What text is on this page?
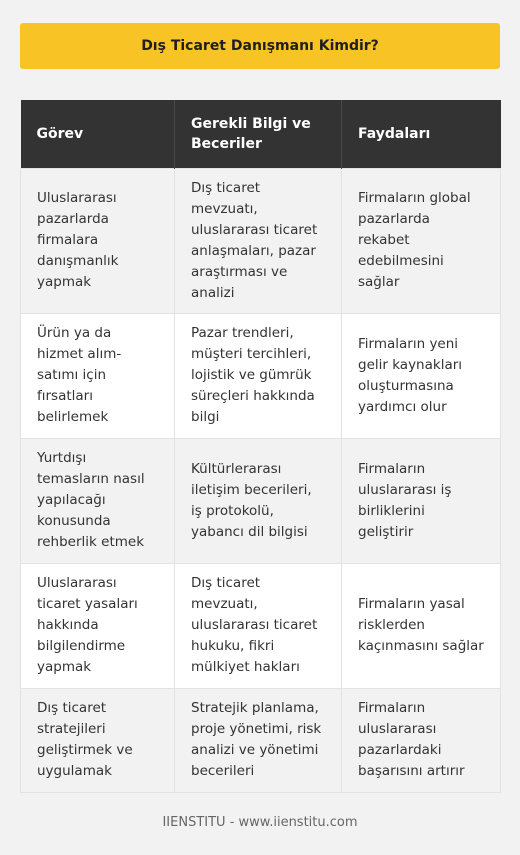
Dış Ticaret Danışmanı Kimdir?
Görev	Gerekli Bilgi ve Beceriler	Faydaları
Uluslararası pazarlarda firmalara danışmanlık yapmak	Dış ticaret mevzuatı, uluslararası ticaret anlaşmaları, pazar araştırması ve analizi	Firmaların global pazarlarda rekabet edebilmesini sağlar
Ürün ya da hizmet alım-satımı için fırsatları belirlemek	Pazar trendleri, müşteri tercihleri, lojistik ve gümrük süreçleri hakkında bilgi	Firmaların yeni gelir kaynakları oluşturmasına yardımcı olur
Yurtdışı temasların nasıl yapılacağı konusunda rehberlik etmek	Kültürlerarası iletişim becerileri, iş protokolü, yabancı dil bilgisi	Firmaların uluslararası iş birliklerini geliştirir
Uluslararası ticaret yasaları hakkında bilgilendirme yapmak	Dış ticaret mevzuatı, uluslararası ticaret hukuku, fikri mülkiyet hakları	Firmaların yasal risklerden kaçınmasını sağlar
Dış ticaret stratejileri geliştirmek ve uygulamak	Stratejik planlama, proje yönetimi, risk analizi ve yönetimi becerileri	Firmaların uluslararası pazarlardaki başarısını artırır
IIENSTITU - www.iienstitu.com
